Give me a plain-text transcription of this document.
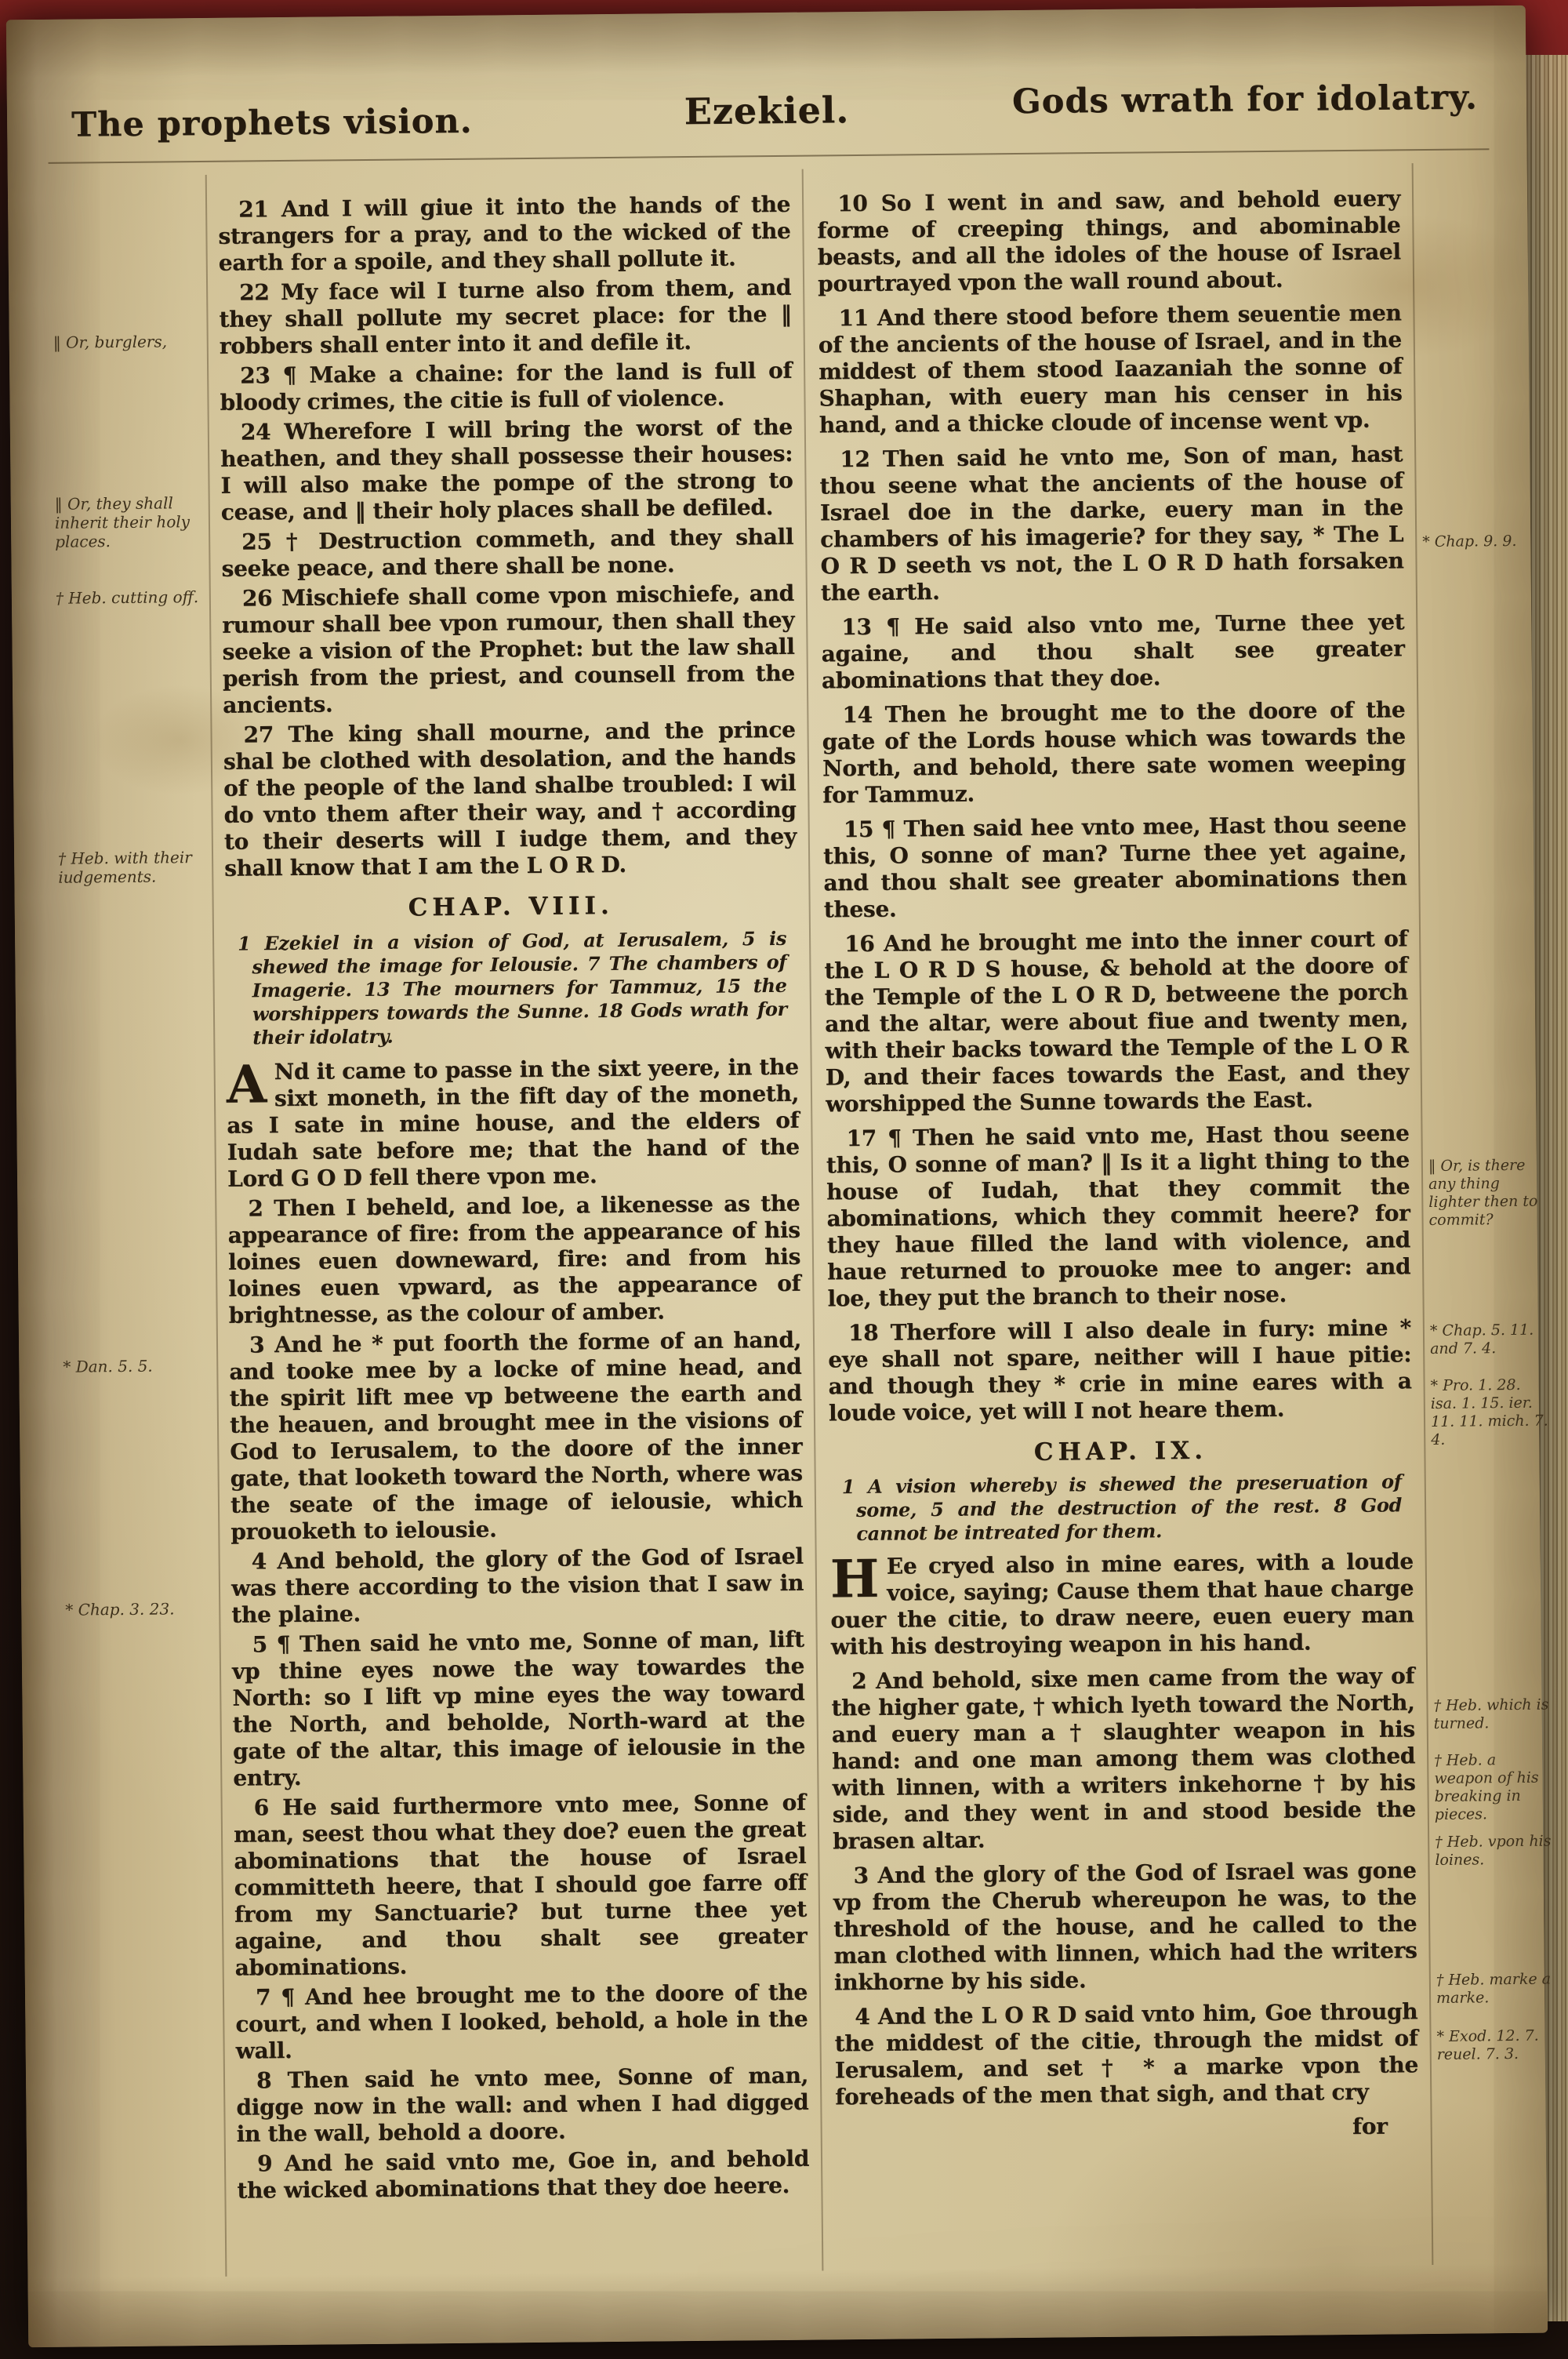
The prophets vision.	Ezekiel.	Gods wrath for idolatry.

‖ Or, burglers,

‖ Or, they shall inherit their holy places.

† Heb. cutting off.

† Heb. with their iudgements.

* Dan. 5. 5.

* Chap. 3. 23.

* Chap. 9. 9.

‖ Or, is there any thing lighter then to commit?

* Chap. 5. 11. and 7. 4.

* Pro. 1. 28. isa. 1. 15. ier. 11. 11. mich. 7. 4.

† Heb. which is turned.

† Heb. a weapon of his breaking in pieces.

† Heb. vpon his loines.

† Heb. marke a marke.

* Exod. 12. 7. reuel. 7. 3.

21 And I will giue it into the hands of the strangers for a pray, and to the wicked of the earth for a spoile, and they shall pollute it.

22 My face wil I turne also from them, and they shall pollute my secret place: for the ‖ robbers shall enter into it and defile it.

23 ¶ Make a chaine: for the land is full of bloody crimes, the citie is full of violence.

24 Wherefore I will bring the worst of the heathen, and they shall possesse their houses: I will also make the pompe of the strong to cease, and ‖ their holy places shall be defiled.

25 † Destruction commeth, and they shall seeke peace, and there shall be none.

26 Mischiefe shall come vpon mischiefe, and rumour shall bee vpon rumour, then shall they seeke a vision of the Prophet: but the law shall perish from the priest, and counsell from the ancients.

27 The king shall mourne, and the prince shal be clothed with desolation, and the hands of the people of the land shalbe troubled: I wil do vnto them after their way, and † according to their deserts will I iudge them, and they shall know that I am the L O R D.

CHAP. VIII.

1 Ezekiel in a vision of God, at Ierusalem, 5 is shewed the image for Ielousie. 7 The chambers of Imagerie. 13 The mourners for Tammuz, 15 the worshippers towards the Sunne. 18 Gods wrath for their idolatry.

A Nd it came to passe in the sixt yeere, in the sixt moneth, in the fift day of the moneth, as I sate in mine house, and the elders of Iudah sate before me; that the hand of the Lord G O D fell there vpon me.

2 Then I beheld, and loe, a likenesse as the appearance of fire: from the appearance of his loines euen downeward, fire: and from his loines euen vpward, as the appearance of brightnesse, as the colour of amber.

3 And he * put foorth the forme of an hand, and tooke mee by a locke of mine head, and the spirit lift mee vp betweene the earth and the heauen, and brought mee in the visions of God to Ierusalem, to the doore of the inner gate, that looketh toward the North, where was the seate of the image of ielousie, which prouoketh to ielousie.

4 And behold, the glory of the God of Israel was there according to the vision that I saw in the plaine.

5 ¶ Then said he vnto me, Sonne of man, lift vp thine eyes nowe the way towardes the North: so I lift vp mine eyes the way toward the North, and beholde, North-ward at the gate of the altar, this image of ielousie in the entry.

6 He said furthermore vnto mee, Sonne of man, seest thou what they doe? euen the great abominations that the house of Israel committeth heere, that I should goe farre off from my Sanctuarie? but turne thee yet againe, and thou shalt see greater abominations.

7 ¶ And hee brought me to the doore of the court, and when I looked, behold, a hole in the wall.

8 Then said he vnto mee, Sonne of man, digge now in the wall: and when I had digged in the wall, behold a doore.

9 And he said vnto me, Goe in, and behold the wicked abominations that they doe heere.

10 So I went in and saw, and behold euery forme of creeping things, and abominable beasts, and all the idoles of the house of Israel pourtrayed vpon the wall round about.

11 And there stood before them seuentie men of the ancients of the house of Israel, and in the middest of them stood Iaazaniah the sonne of Shaphan, with euery man his censer in his hand, and a thicke cloude of incense went vp.

12 Then said he vnto me, Son of man, hast thou seene what the ancients of the house of Israel doe in the darke, euery man in the chambers of his imagerie? for they say, * The L O R D seeth vs not, the L O R D hath forsaken the earth.

13 ¶ He said also vnto me, Turne thee yet againe, and thou shalt see greater abominations that they doe.

14 Then he brought me to the doore of the gate of the Lords house which was towards the North, and behold, there sate women weeping for Tammuz.

15 ¶ Then said hee vnto mee, Hast thou seene this, O sonne of man? Turne thee yet againe, and thou shalt see greater abominations then these.

16 And he brought me into the inner court of the L O R D S house, & behold at the doore of the Temple of the L O R D, betweene the porch and the altar, were about fiue and twenty men, with their backs toward the Temple of the L O R D, and their faces towards the East, and they worshipped the Sunne towards the East.

17 ¶ Then he said vnto me, Hast thou seene this, O sonne of man? ‖ Is it a light thing to the house of Iudah, that they commit the abominations, which they commit heere? for they haue filled the land with violence, and haue returned to prouoke mee to anger: and loe, they put the branch to their nose.

18 Therfore will I also deale in fury: mine * eye shall not spare, neither will I haue pitie: and though they * crie in mine eares with a loude voice, yet will I not heare them.

CHAP. IX.

1 A vision whereby is shewed the preseruation of some, 5 and the destruction of the rest. 8 God cannot be intreated for them.

H Ee cryed also in mine eares, with a loude voice, saying; Cause them that haue charge ouer the citie, to draw neere, euen euery man with his destroying weapon in his hand.

2 And behold, sixe men came from the way of the higher gate, † which lyeth toward the North, and euery man a † slaughter weapon in his hand: and one man among them was clothed with linnen, with a writers inkehorne † by his side, and they went in and stood beside the brasen altar.

3 And the glory of the God of Israel was gone vp from the Cherub whereupon he was, to the threshold of the house, and he called to the man clothed with linnen, which had the writers inkhorne by his side.

4 And the L O R D said vnto him, Goe through the middest of the citie, through the midst of Ierusalem, and set † * a marke vpon the foreheads of the men that sigh, and that cry

for
